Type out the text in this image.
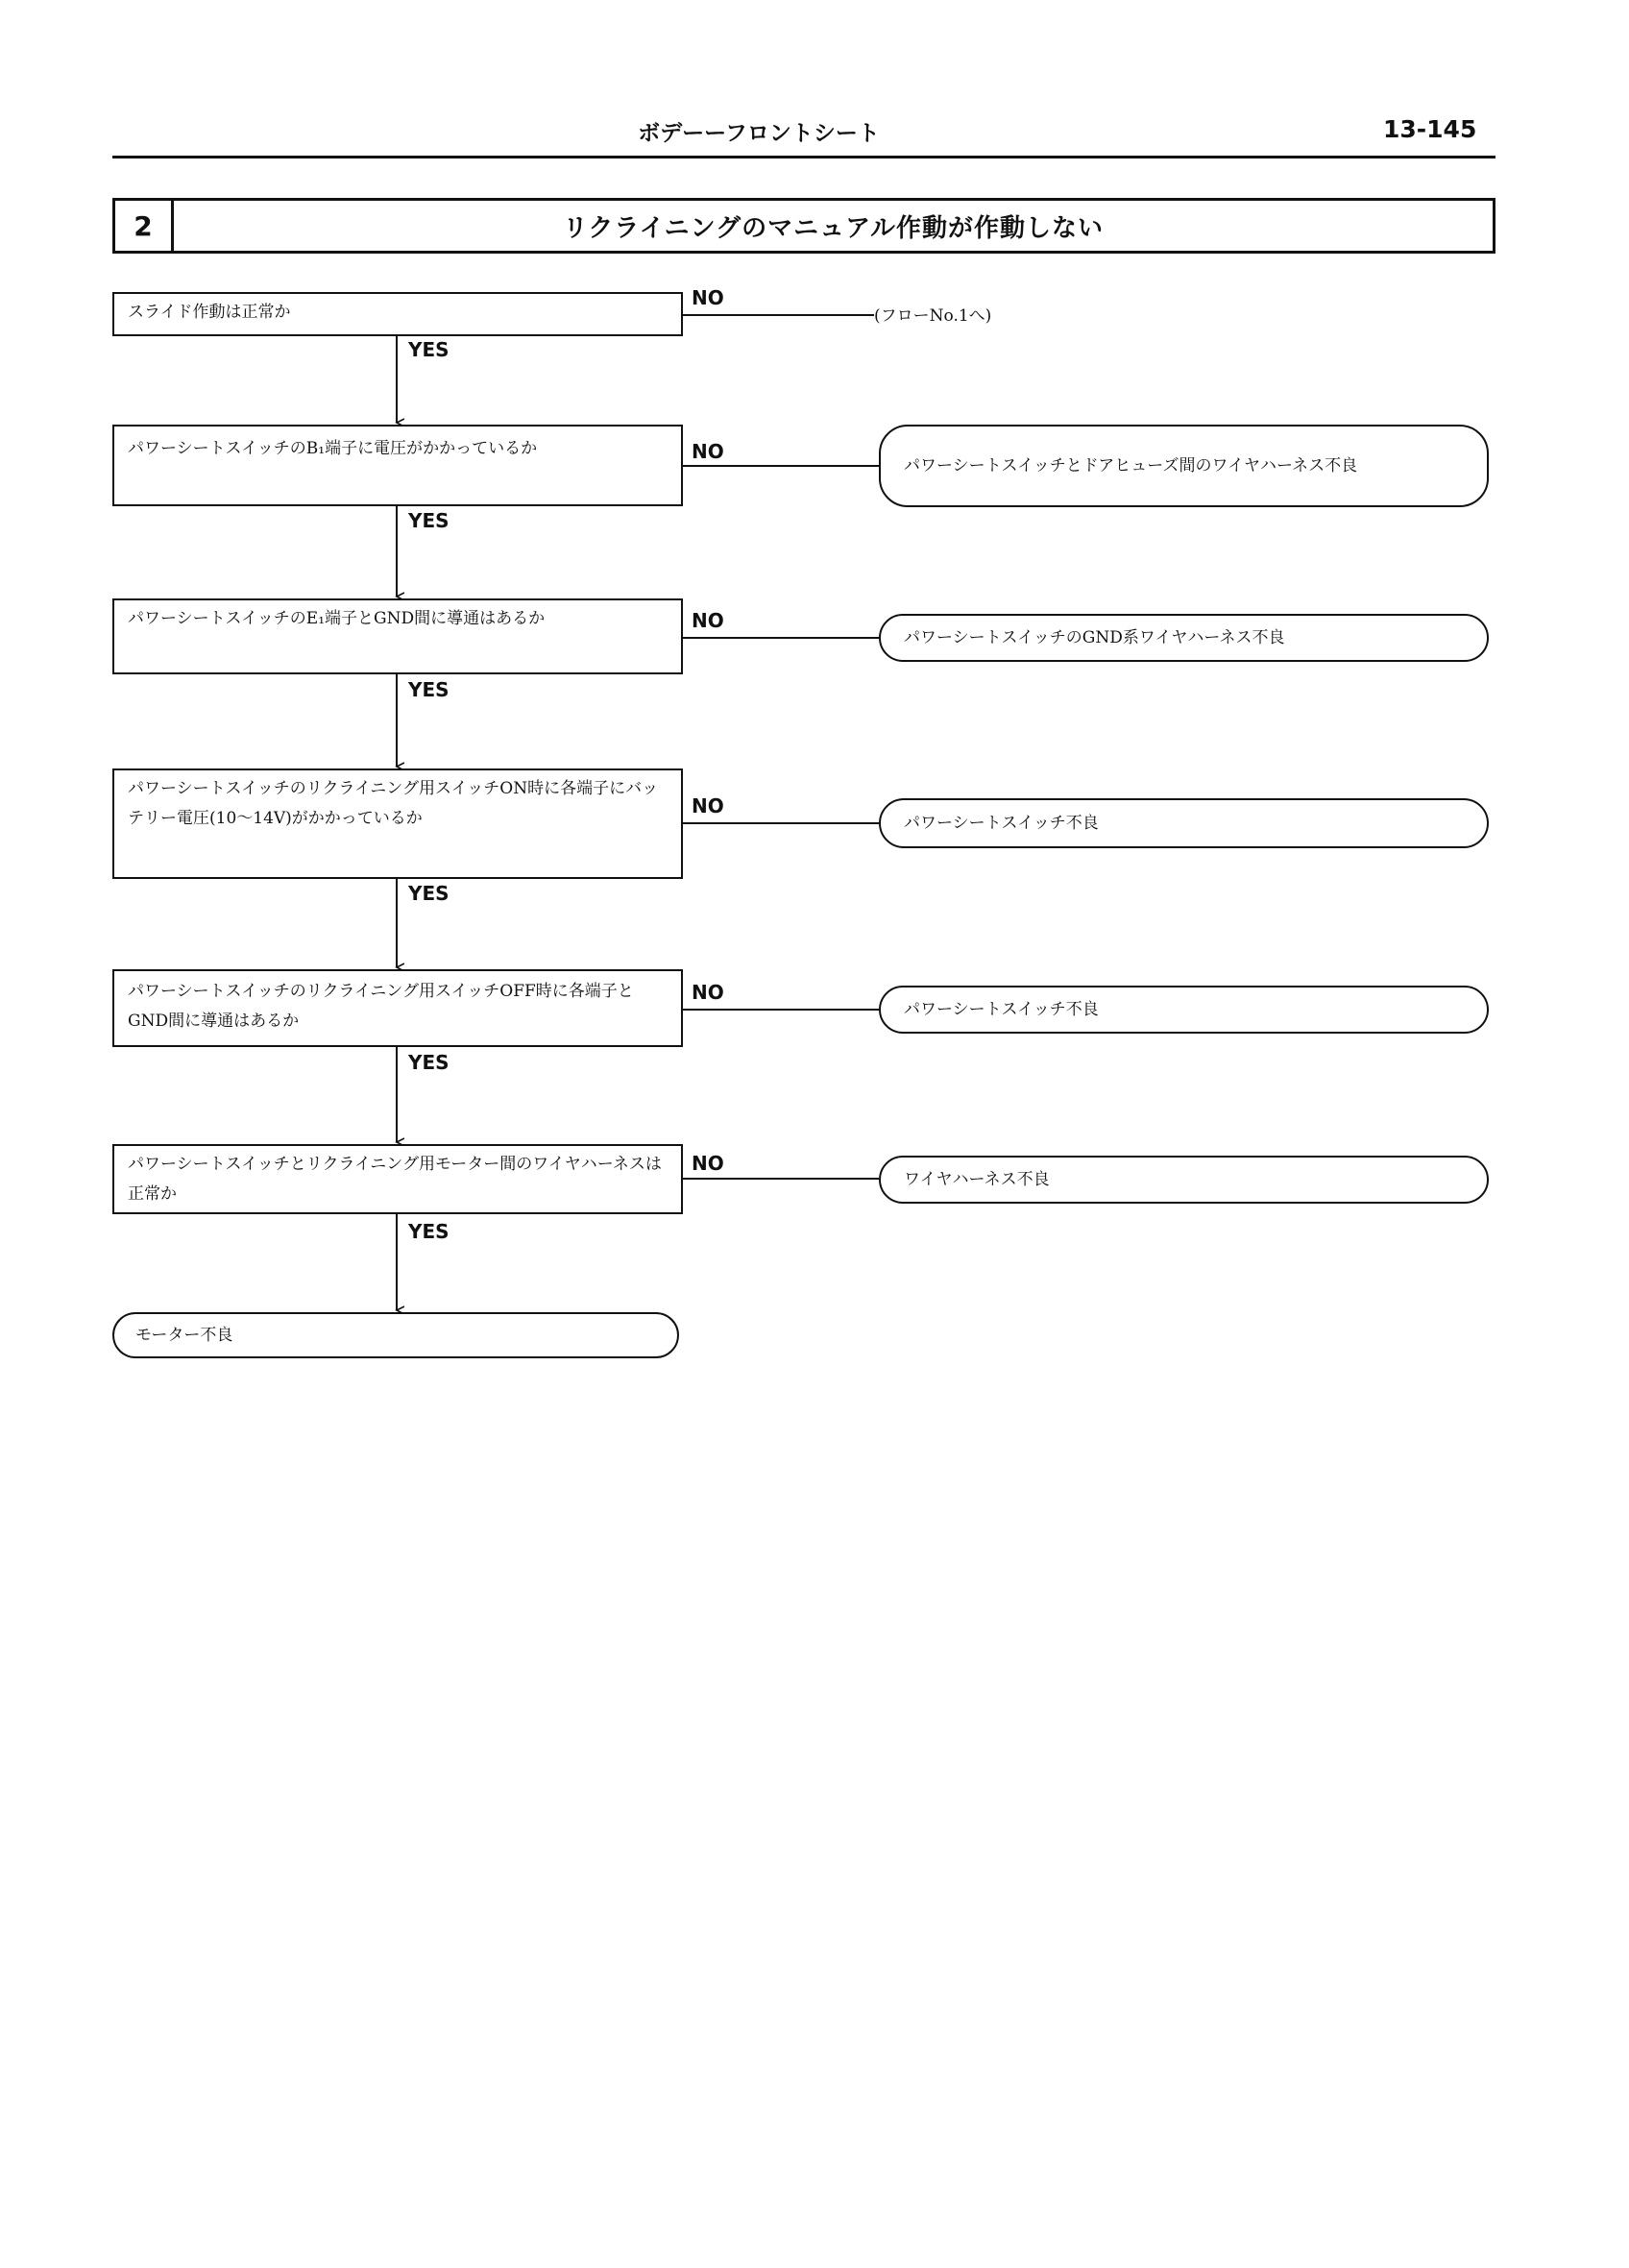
ボデーーフロントシート	13-145
2	リクライニングのマニュアル作動が作動しない
スライド作動は正常か
NO
(フローNo.1へ)
YES
パワーシートスイッチのB₁端子に電圧がかかっているか	NO
パワーシートスイッチとドアヒューズ間のワイヤハーネス不良
YES
パワーシートスイッチのE₁端子とGND間に導通はあるか	NO
パワーシートスイッチのGND系ワイヤハーネス不良
YES
パワーシートスイッチのリクライニング用スイッチON時に各端子にバッテリー電圧(10〜14V)がかかっているか
NO
パワーシートスイッチ不良
YES
パワーシートスイッチのリクライニング用スイッチOFF時に各端子とGND間に導通はあるか
NO
パワーシートスイッチ不良
YES
パワーシートスイッチとリクライニング用モーター間のワイヤハーネスは正常か
NO
ワイヤハーネス不良
YES
モーター不良
